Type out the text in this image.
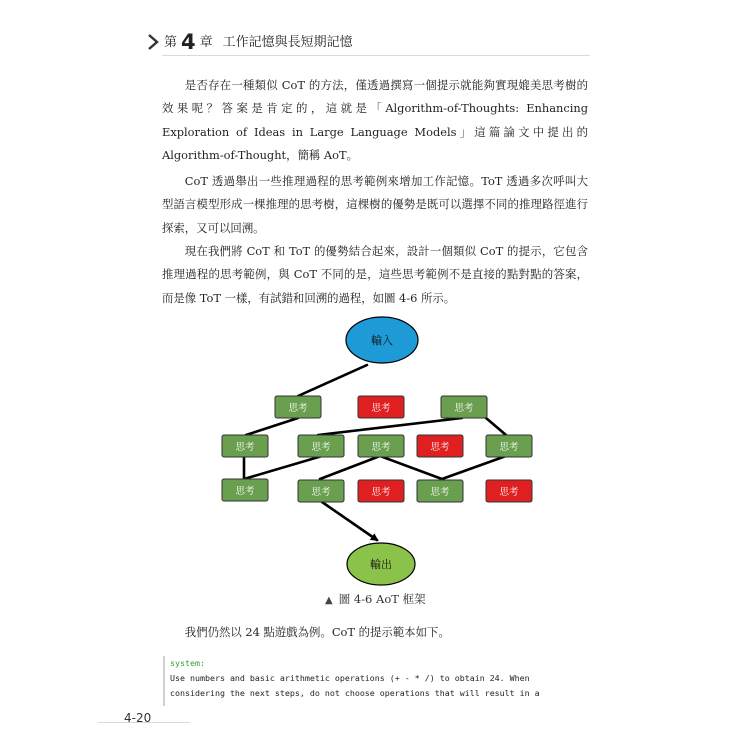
第 4 章 工作記憶與長短期記憶

是否存在一種類似 CoT 的方法，僅透過撰寫一個提示就能夠實現媲美思考樹的效果呢？答案是肯定的，這就是「Algorithm-of-Thoughts: Enhancing Exploration of Ideas in Large Language Models」這篇論文中提出的 Algorithm-of-Thought，簡稱 AoT。

CoT 透過舉出一些推理過程的思考範例來增加工作記憶。ToT 透過多次呼叫大型語言模型形成一棵推理的思考樹，這棵樹的優勢是既可以選擇不同的推理路徑進行探索，又可以回溯。

現在我們將 CoT 和 ToT 的優勢結合起來，設計一個類似 CoT 的提示，它包含推理過程的思考範例，與 CoT 不同的是，這些思考範例不是直接的點對點的答案，而是像 ToT 一樣，有試錯和回溯的過程，如圖 4-6 所示。

輸入
思考	思考	思考
思考	思考	思考	思考	思考
思考	思考	思考	思考	思考
輸出
▲ 圖 4-6 AoT 框架

我們仍然以 24 點遊戲為例。CoT 的提示範本如下。

system:
Use numbers and basic arithmetic operations (+ - * /) to obtain 24. When
considering the next steps, do not choose operations that will result in a
4-20
